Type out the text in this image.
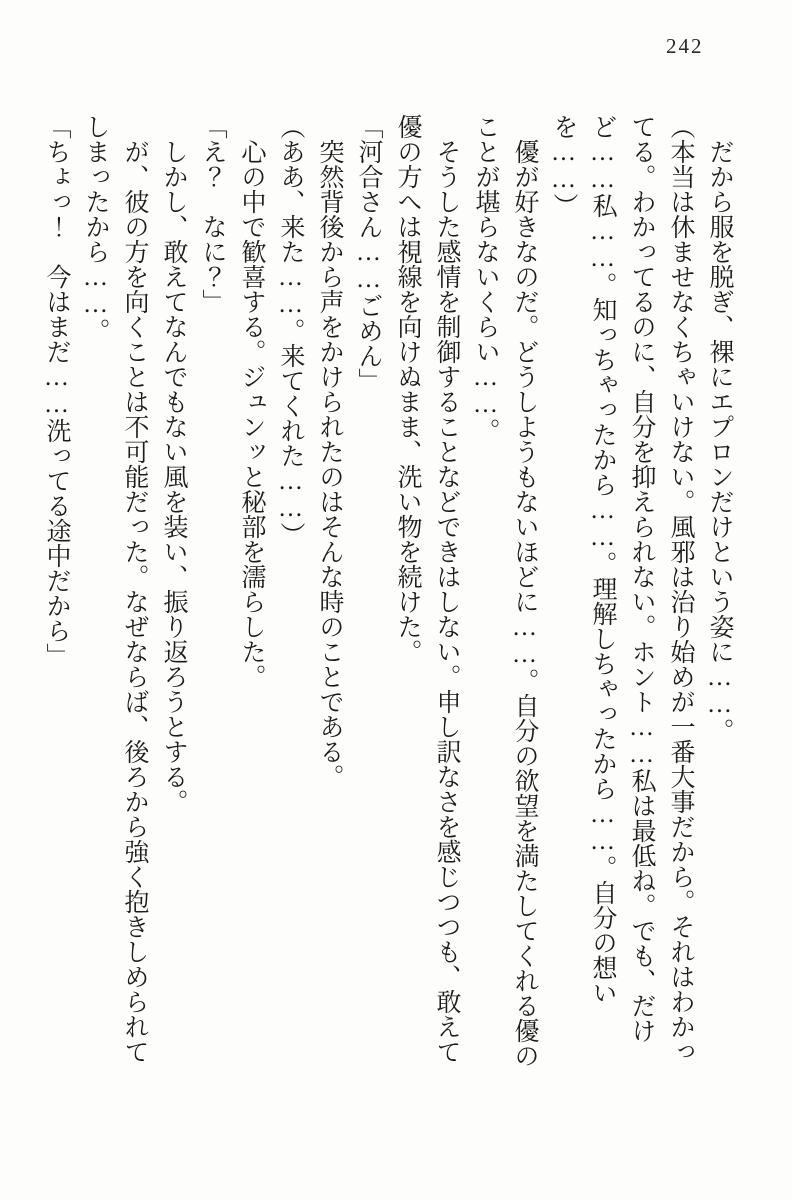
242

　だから服を脱ぎ、裸にエプロンだけという姿に……。

（本当は休ませなくちゃいけない。風邪は治り始めが一番大事だから。それはわかってる。わかってるのに、自分を抑えられない。ホント……私は最低ね。でも、だけど……私……。知っちゃったから……。理解しちゃったから……。自分の想いを……）

　優が好きなのだ。どうしようもないほどに……。自分の欲望を満たしてくれる優のことが堪らないくらい……。

　そうした感情を制御することなどできはしない。申し訳なさを感じつつも、敢えて優の方へは視線を向けぬまま、洗い物を続けた。

「河合さん……ごめん」

　突然背後から声をかけられたのはそんな時のことである。

（ああ、来た……。来てくれた……）

　心の中で歓喜する。ジュンッと秘部を濡らした。

「え？　なに？」

　しかし、敢えてなんでもない風を装い、振り返ろうとする。

　が、彼の方を向くことは不可能だった。なぜならば、後ろから強く抱きしめられてしまったから……。

「ちょっ！　今はまだ……洗ってる途中だから」
